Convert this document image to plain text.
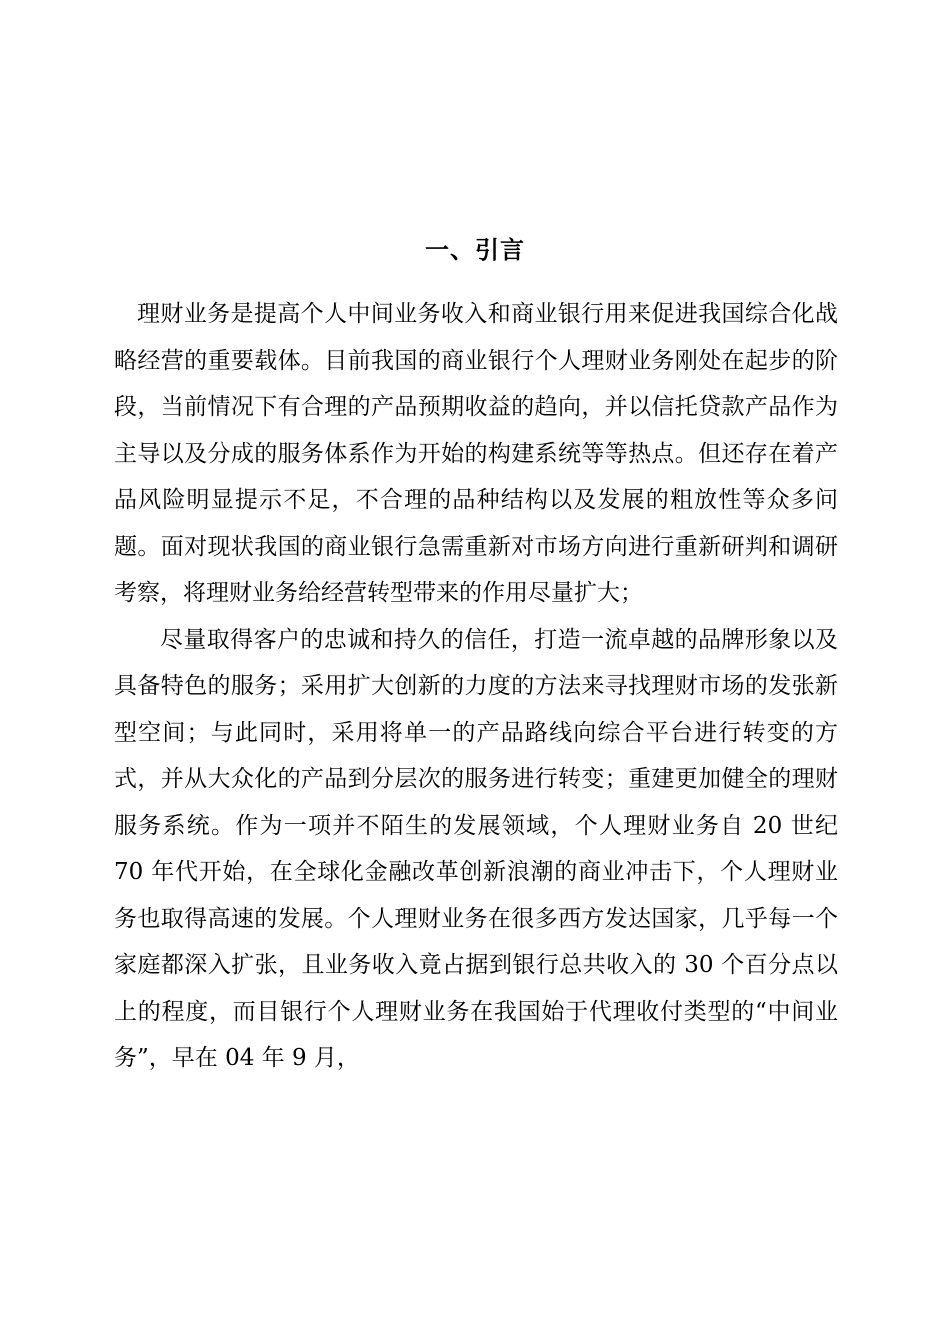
一、引言

理财业务是提高个人中间业务收入和商业银行用来促进我国综合化战略经营的重要载体。目前我国的商业银行个人理财业务刚处在起步的阶段，当前情况下有合理的产品预期收益的趋向，并以信托贷款产品作为主导以及分成的服务体系作为开始的构建系统等等热点。但还存在着产品风险明显提示不足，不合理的品种结构以及发展的粗放性等众多问题。面对现状我国的商业银行急需重新对市场方向进行重新研判和调研考察，将理财业务给经营转型带来的作用尽量扩大；

尽量取得客户的忠诚和持久的信任，打造一流卓越的品牌形象以及具备特色的服务；采用扩大创新的力度的方法来寻找理财市场的发张新型空间；与此同时，采用将单一的产品路线向综合平台进行转变的方式，并从大众化的产品到分层次的服务进行转变；重建更加健全的理财服务系统。作为一项并不陌生的发展领域，个人理财业务自 20 世纪 70 年代开始，在全球化金融改革创新浪潮的商业冲击下，个人理财业务也取得高速的发展。个人理财业务在很多西方发达国家，几乎每一个家庭都深入扩张，且业务收入竟占据到银行总共收入的 30 个百分点以上的程度，而目银行个人理财业务在我国始于代理收付类型的“中间业务”，早在 04 年 9 月，
